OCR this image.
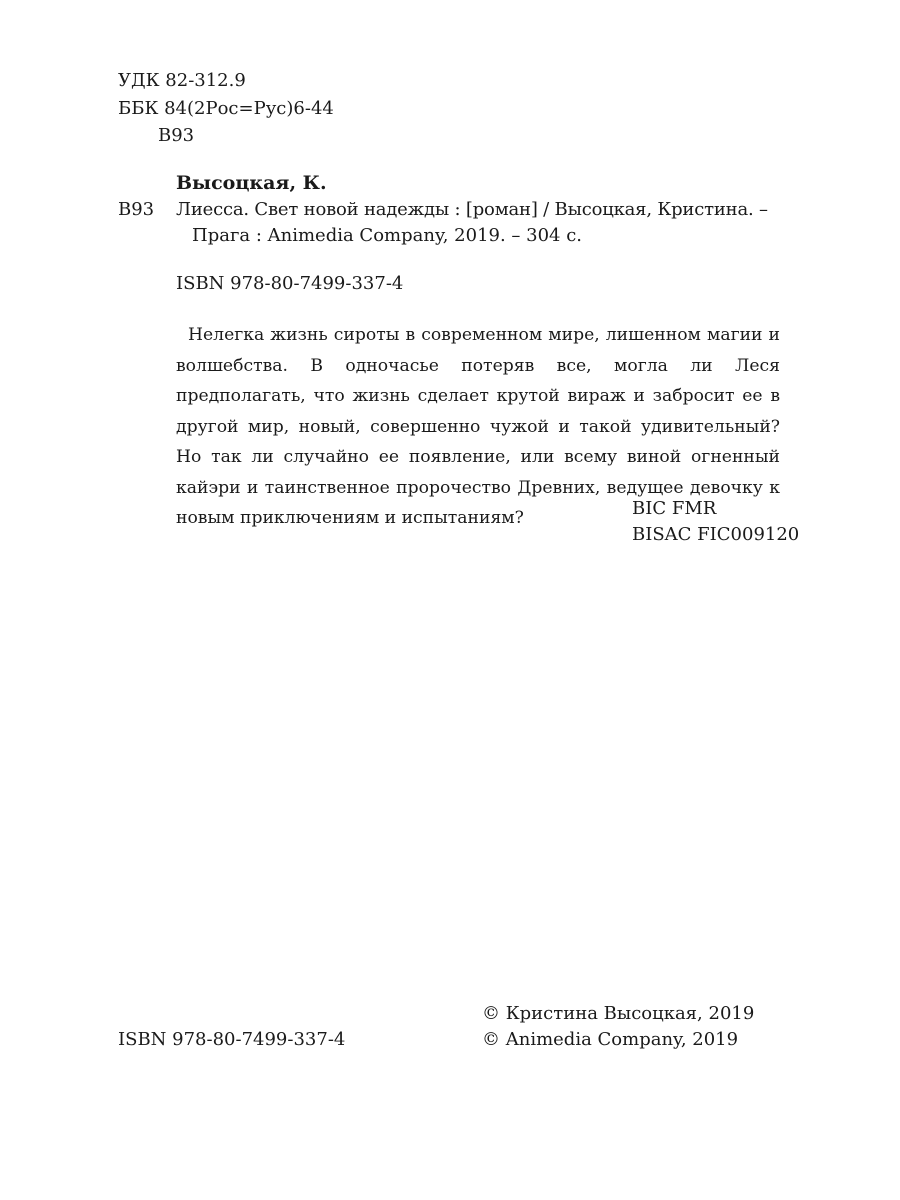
УДК 82-312.9
ББК 84(2Рос=Рус)6-44
В93
Высоцкая, К.
В93 Лиесса. Свет новой надежды : [роман] / Высоцкая, Кристина. –
Прага : Animedia Company, 2019. – 304 с.
ISBN 978-80-7499-337-4

Нелегка жизнь сироты в современном мире, лишенном магии и волшебства. В одночасье потеряв все, могла ли Леся предполагать, что жизнь сделает крутой вираж и забросит ее в другой мир, новый, совершенно чужой и такой удивительный? Но так ли случайно ее появление, или всему виной огненный кайэри и таинственное пророчество Древних, ведущее девочку к новым приключениям и испытаниям?	BIC FMR
BISAC FIC009120
ISBN 978-80-7499-337-4
© Кристина Высоцкая, 2019
© Animedia Company, 2019
